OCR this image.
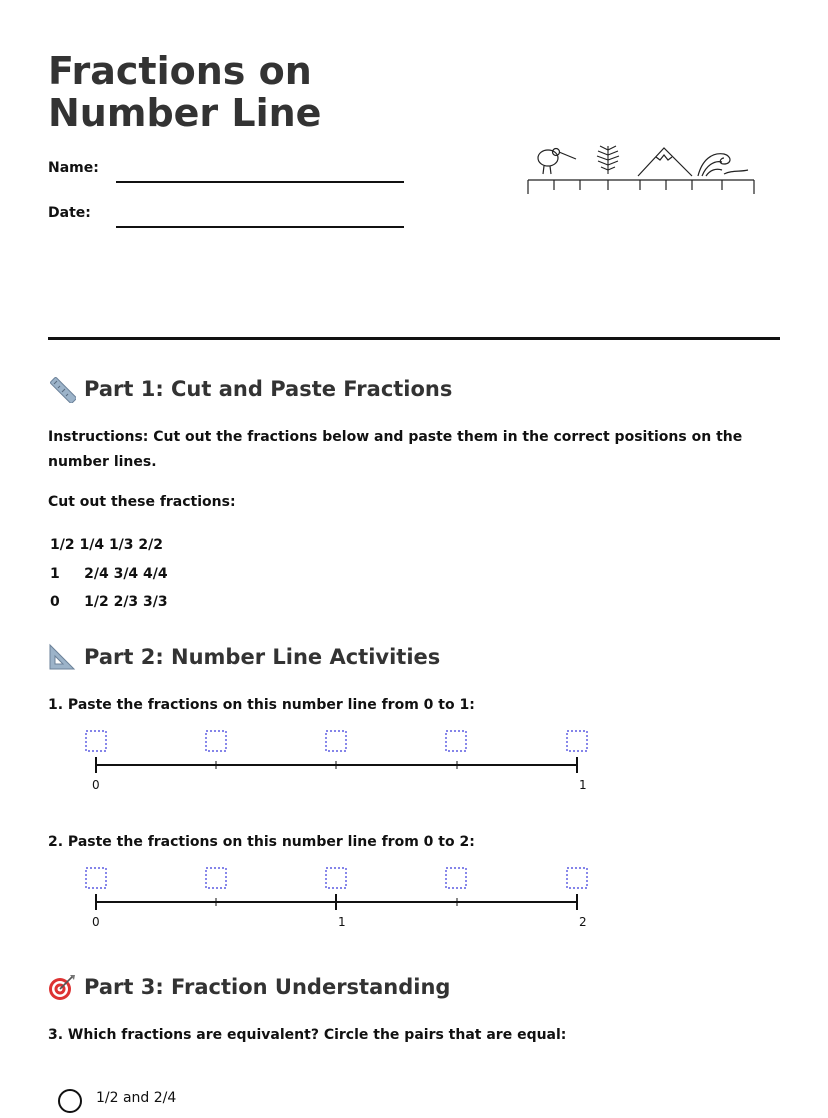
Fractions on Number Line
Name:
Date:
Part 1: Cut and Paste Fractions
Instructions: Cut out the fractions below and paste them in the correct positions on the number lines.
Cut out these fractions:
1/2 1/4 1/3 2/2
1     2/4 3/4 4/4
0     1/2 2/3 3/3
Part 2: Number Line Activities
1. Paste the fractions on this number line from 0 to 1:
0	1
2. Paste the fractions on this number line from 0 to 2:
0	1	2
Part 3: Fraction Understanding
3. Which fractions are equivalent? Circle the pairs that are equal:
1/2 and 2/4
